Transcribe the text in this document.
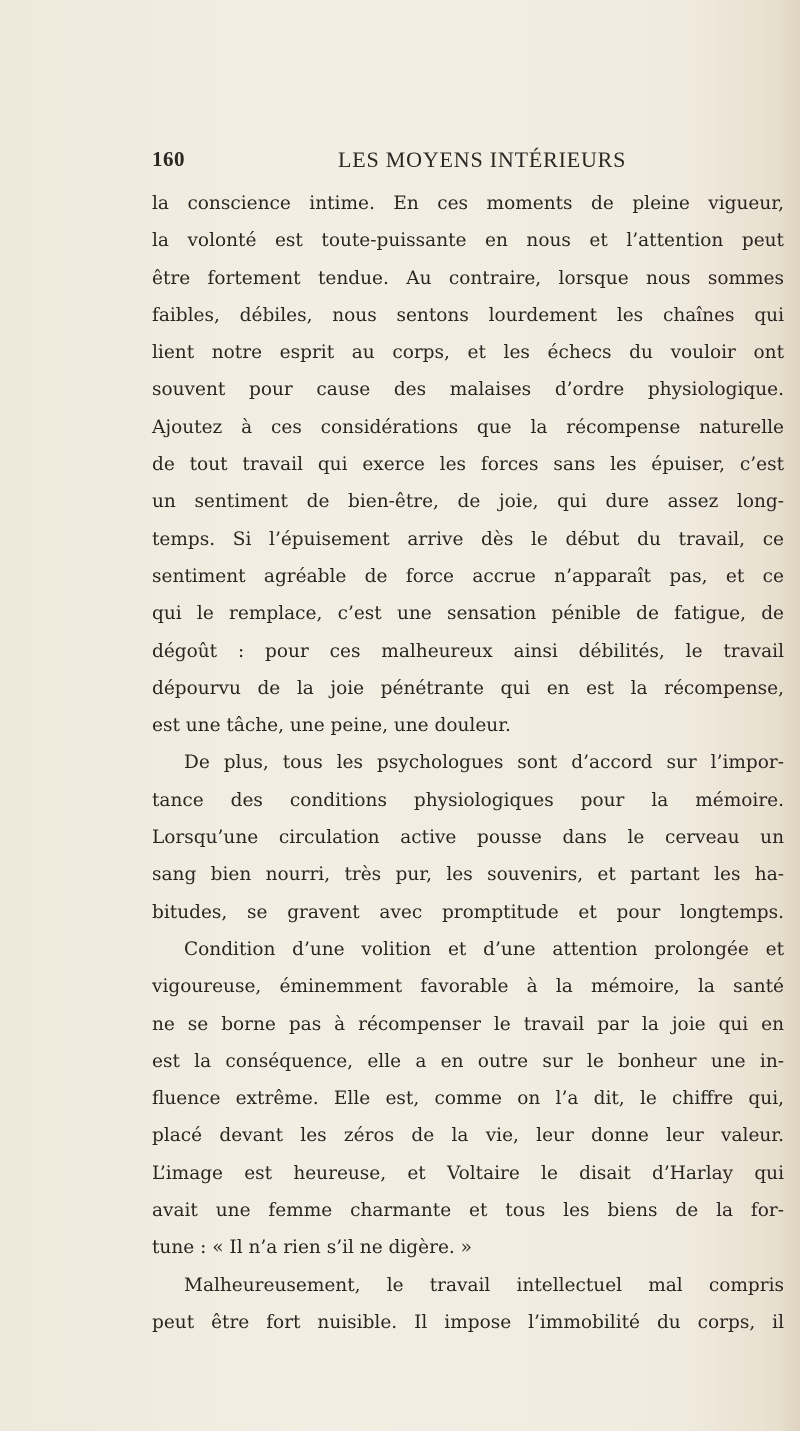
160	LES MOYENS INTÉRIEURS
la conscience intime. En ces moments de pleine vigueur,
la volonté est toute-puissante en nous et l’attention peut
être fortement tendue. Au contraire, lorsque nous sommes
faibles, débiles, nous sentons lourdement les chaînes qui
lient notre esprit au corps, et les échecs du vouloir ont
souvent pour cause des malaises d’ordre physiologique.
Ajoutez à ces considérations que la récompense naturelle
de tout travail qui exerce les forces sans les épuiser, c’est
un sentiment de bien-être, de joie, qui dure assez long-
temps. Si l’épuisement arrive dès le début du travail, ce
sentiment agréable de force accrue n’apparaît pas, et ce
qui le remplace, c’est une sensation pénible de fatigue, de
dégoût : pour ces malheureux ainsi débilités, le travail
dépourvu de la joie pénétrante qui en est la récompense,
est une tâche, une peine, une douleur.
De plus, tous les psychologues sont d’accord sur l’impor-
tance des conditions physiologiques pour la mémoire.
Lorsqu’une circulation active pousse dans le cerveau un
sang bien nourri, très pur, les souvenirs, et partant les ha-
bitudes, se gravent avec promptitude et pour longtemps.
Condition d’une volition et d’une attention prolongée et
vigoureuse, éminemment favorable à la mémoire, la santé
ne se borne pas à récompenser le travail par la joie qui en
est la conséquence, elle a en outre sur le bonheur une in-
fluence extrême. Elle est, comme on l’a dit, le chiffre qui,
placé devant les zéros de la vie, leur donne leur valeur.
L’image est heureuse, et Voltaire le disait d’Harlay qui
avait une femme charmante et tous les biens de la for-
tune : « Il n’a rien s’il ne digère. »
Malheureusement, le travail intellectuel mal compris
peut être fort nuisible. Il impose l’immobilité du corps, il
